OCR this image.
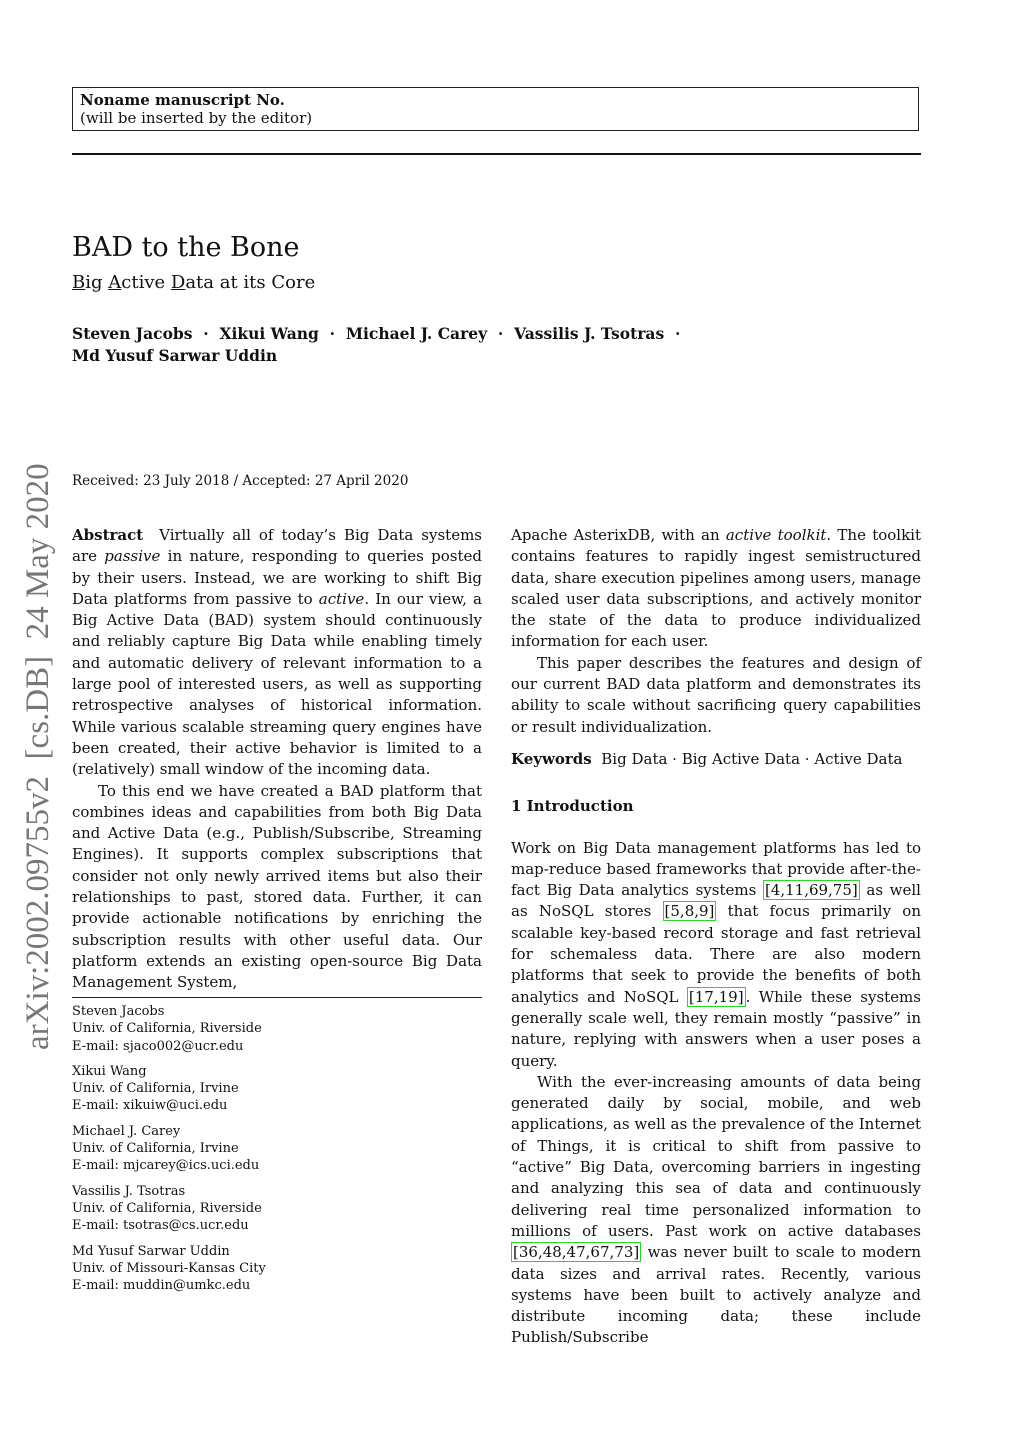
Noname manuscript No.
(will be inserted by the editor)
BAD to the Bone
Big Active Data at its Core
Steven Jacobs  ·  Xikui Wang  ·  Michael J. Carey  ·  Vassilis J. Tsotras  ·
Md Yusuf Sarwar Uddin
arXiv:2002.09755v2  [cs.DB]  24 May 2020 Received: 23 July 2018 / Accepted: 27 April 2020

Abstract Virtually all of today’s Big Data systems are passive in nature, responding to queries posted by their users. Instead, we are working to shift Big Data platforms from passive to active. In our view, a Big Active Data (BAD) system should continuously and reliably capture Big Data while enabling timely and automatic delivery of relevant information to a large pool of interested users, as well as supporting retrospective analyses of historical information. While various scalable streaming query engines have been created, their active behavior is limited to a (relatively) small window of the incoming data.

To this end we have created a BAD platform that combines ideas and capabilities from both Big Data and Active Data (e.g., Publish/Subscribe, Streaming Engines). It supports complex subscriptions that consider not only newly arrived items but also their relationships to past, stored data. Further, it can provide actionable notifications by enriching the subscription results with other useful data. Our platform extends an existing open-source Big Data Management System,

Steven Jacobs
Univ. of California, Riverside
E-mail: sjaco002@ucr.edu
Xikui Wang
Univ. of California, Irvine
E-mail: xikuiw@uci.edu
Michael J. Carey
Univ. of California, Irvine
E-mail: mjcarey@ics.uci.edu
Vassilis J. Tsotras
Univ. of California, Riverside
E-mail: tsotras@cs.ucr.edu
Md Yusuf Sarwar Uddin
Univ. of Missouri-Kansas City
E-mail: muddin@umkc.edu

Apache AsterixDB, with an active toolkit. The toolkit contains features to rapidly ingest semistructured data, share execution pipelines among users, manage scaled user data subscriptions, and actively monitor the state of the data to produce individualized information for each user.

This paper describes the features and design of our current BAD data platform and demonstrates its ability to scale without sacrificing query capabilities or result individualization.

Keywords Big Data · Big Active Data · Active Data

1 Introduction

Work on Big Data management platforms has led to map-reduce based frameworks that provide after-the-fact Big Data analytics systems [4,11,69,75] as well as NoSQL stores [5,8,9] that focus primarily on scalable key-based record storage and fast retrieval for schemaless data. There are also modern platforms that seek to provide the benefits of both analytics and NoSQL [17,19] . While these systems generally scale well, they remain mostly “passive” in nature, replying with answers when a user poses a query.

With the ever-increasing amounts of data being generated daily by social, mobile, and web applications, as well as the prevalence of the Internet of Things, it is critical to shift from passive to “active” Big Data, overcoming barriers in ingesting and analyzing this sea of data and continuously delivering real time personalized information to millions of users. Past work on active databases [36,48,47,67,73] was never built to scale to modern data sizes and arrival rates. Recently, various systems have been built to actively analyze and distribute incoming data; these include Publish/Subscribe
